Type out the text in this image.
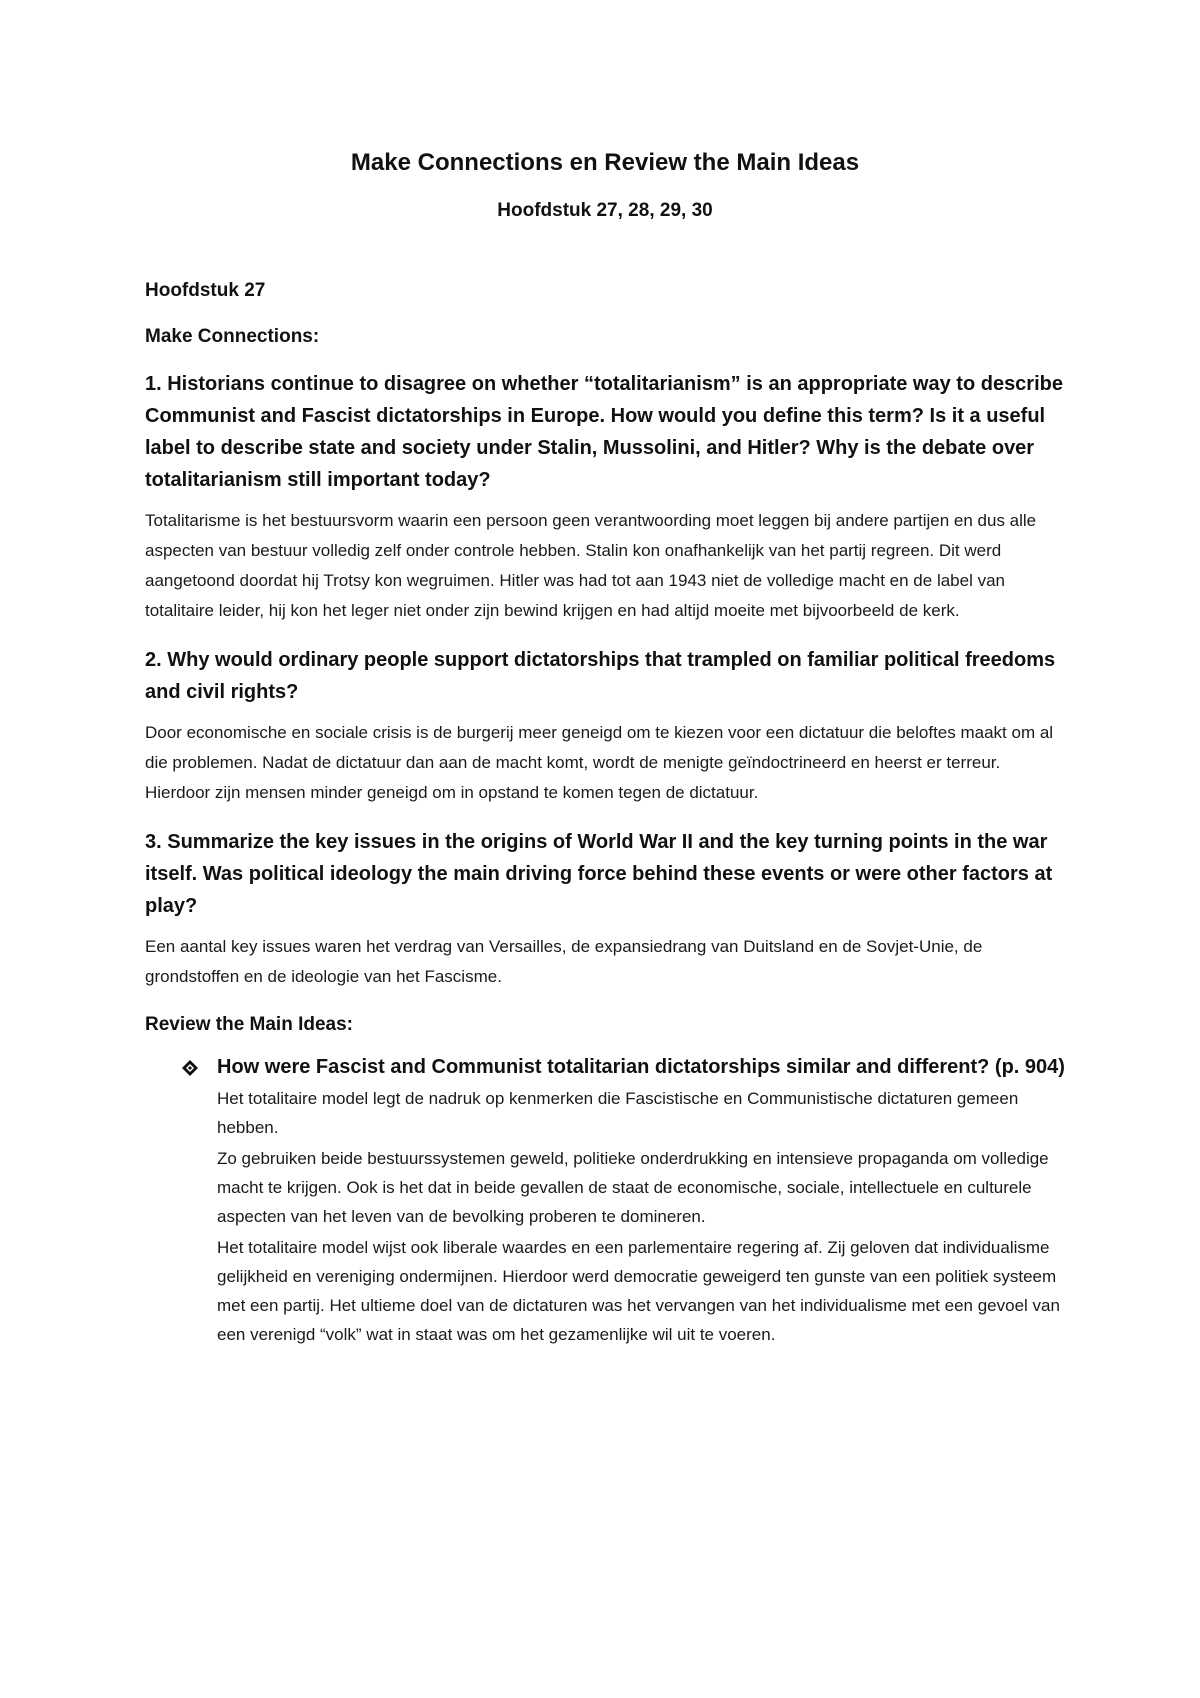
Make Connections en Review the Main Ideas
Hoofdstuk 27, 28, 29, 30
Hoofdstuk 27
Make Connections:

1. Historians continue to disagree on whether “totalitarianism” is an appropriate way to describe Communist and Fascist dictatorships in Europe. How would you define this term? Is it a useful label to describe state and society under Stalin, Mussolini, and Hitler? Why is the debate over totalitarianism still important today?

Totalitarisme is het bestuursvorm waarin een persoon geen verantwoording moet leggen bij andere partijen en dus alle aspecten van bestuur volledig zelf onder controle hebben. Stalin kon onafhankelijk van het partij regreen. Dit werd aangetoond doordat hij Trotsy kon wegruimen. Hitler was had tot aan 1943 niet de volledige macht en de label van totalitaire leider, hij kon het leger niet onder zijn bewind krijgen en had altijd moeite met bijvoorbeeld de kerk.

2. Why would ordinary people support dictatorships that trampled on familiar political freedoms and civil rights?

Door economische en sociale crisis is de burgerij meer geneigd om te kiezen voor een dictatuur die beloftes maakt om al die problemen. Nadat de dictatuur dan aan de macht komt, wordt de menigte geïndoctrineerd en heerst er terreur. Hierdoor zijn mensen minder geneigd om in opstand te komen tegen de dictatuur.

3. Summarize the key issues in the origins of World War II and the key turning points in the war itself. Was political ideology the main driving force behind these events or were other factors at play?

Een aantal key issues waren het verdrag van Versailles, de expansiedrang van Duitsland en de Sovjet-Unie, de grondstoffen en de ideologie van het Fascisme.

Review the Main Ideas:

How were Fascist and Communist totalitarian dictatorships similar and different? (p. 904)

Het totalitaire model legt de nadruk op kenmerken die Fascistische en Communistische dictaturen gemeen hebben.

Zo gebruiken beide bestuurssystemen geweld, politieke onderdrukking en intensieve propaganda om volledige macht te krijgen. Ook is het dat in beide gevallen de staat de economische, sociale, intellectuele en culturele aspecten van het leven van de bevolking proberen te domineren.

Het totalitaire model wijst ook liberale waardes en een parlementaire regering af. Zij geloven dat individualisme gelijkheid en vereniging ondermijnen. Hierdoor werd democratie geweigerd ten gunste van een politiek systeem met een partij. Het ultieme doel van de dictaturen was het vervangen van het individualisme met een gevoel van een verenigd “volk” wat in staat was om het gezamenlijke wil uit te voeren.
